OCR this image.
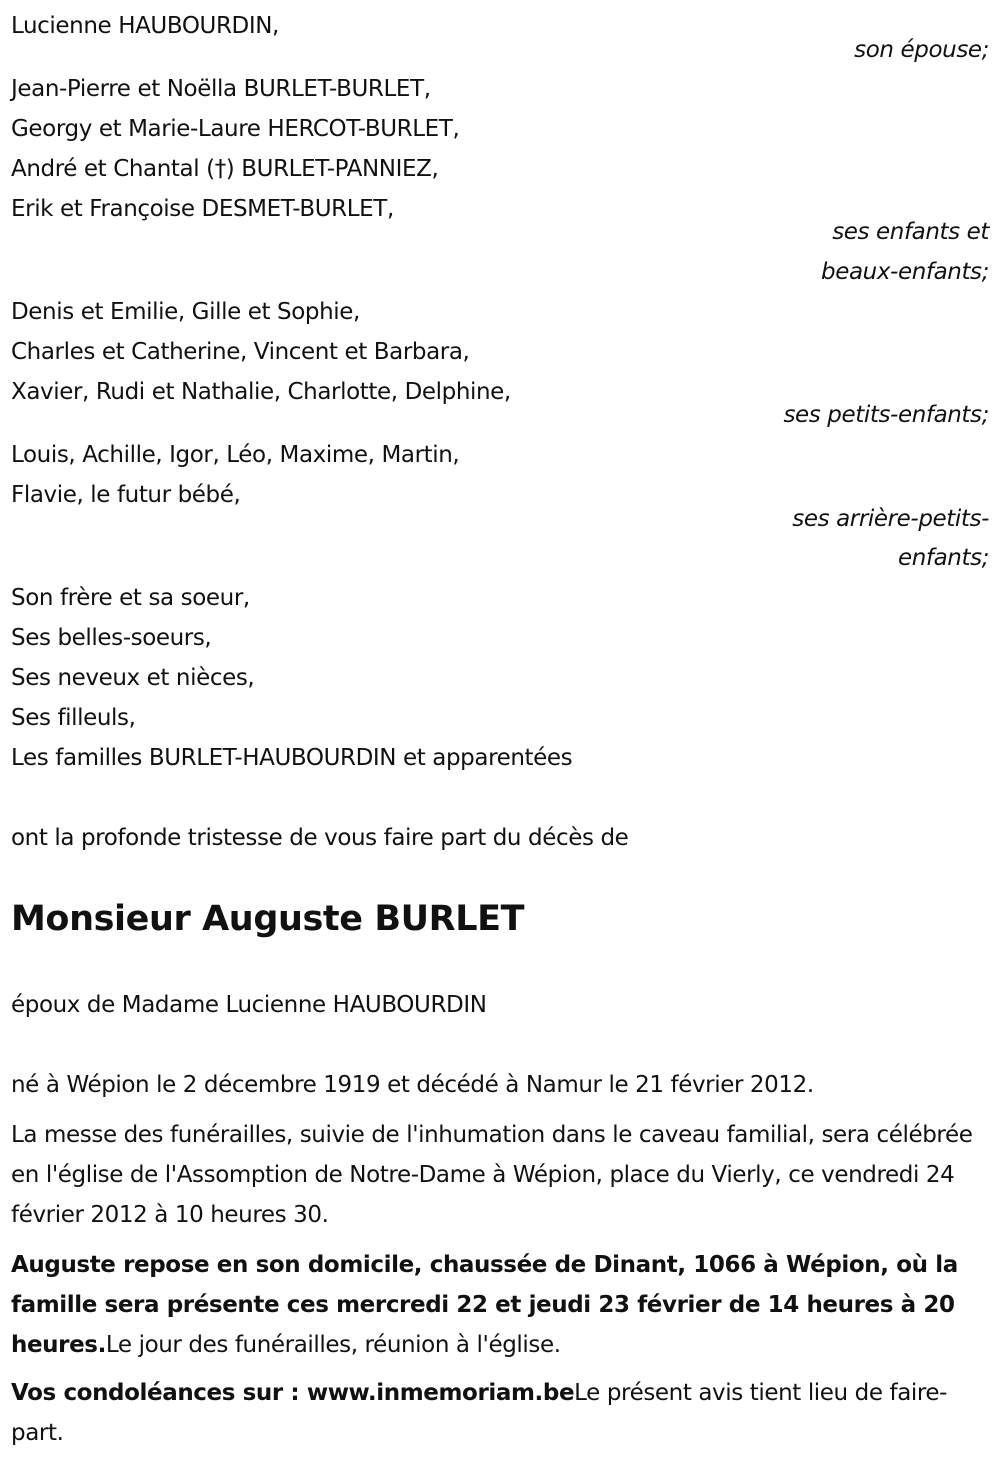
Lucienne HAUBOURDIN,
son épouse;
Jean-Pierre et Noëlla BURLET-BURLET,
Georgy et Marie-Laure HERCOT-BURLET,
André et Chantal (†) BURLET-PANNIEZ,
Erik et Françoise DESMET-BURLET,
ses enfants et
beaux-enfants;
Denis et Emilie, Gille et Sophie,
Charles et Catherine, Vincent et Barbara,
Xavier, Rudi et Nathalie, Charlotte, Delphine,
ses petits-enfants;
Louis, Achille, Igor, Léo, Maxime, Martin,
Flavie, le futur bébé,
ses arrière-petits-
enfants;
Son frère et sa soeur,
Ses belles-soeurs,
Ses neveux et nièces,
Ses filleuls,
Les familles BURLET-HAUBOURDIN et apparentées
ont la profonde tristesse de vous faire part du décès de
Monsieur Auguste BURLET
époux de Madame Lucienne HAUBOURDIN
né à Wépion le 2 décembre 1919 et décédé à Namur le 21 février 2012.
La messe des funérailles, suivie de l'inhumation dans le caveau familial, sera célébrée en l'église de l'Assomption de Notre-Dame à Wépion, place du Vierly, ce vendredi 24 février 2012 à 10 heures 30.
Auguste repose en son domicile, chaussée de Dinant, 1066 à Wépion, où la famille sera présente ces mercredi 22 et jeudi 23 février de 14 heures à 20 heures.Le jour des funérailles, réunion à l'église.
Vos condoléances sur : www.inmemoriam.beLe présent avis tient lieu de faire-part.
